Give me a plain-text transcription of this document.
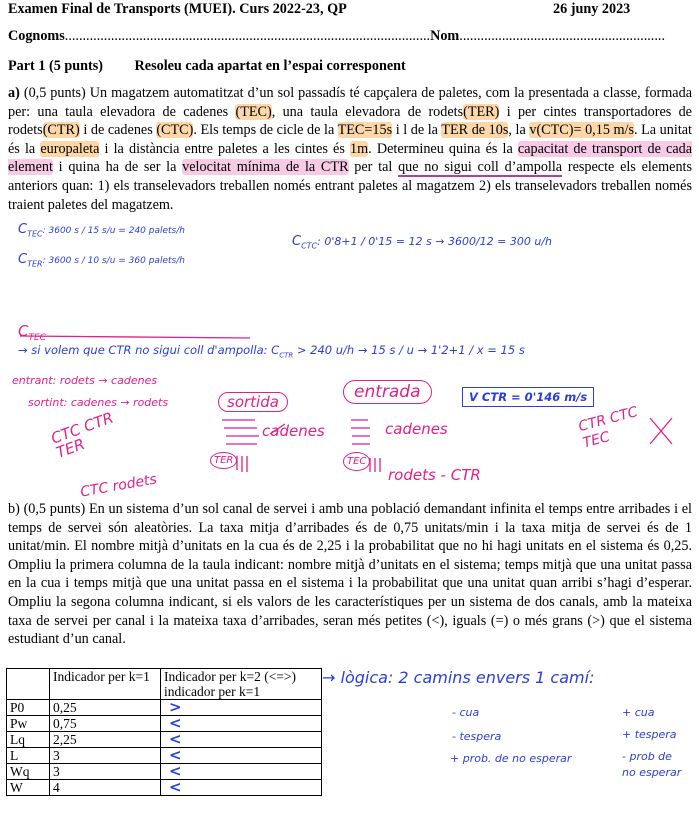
Examen Final de Transports (MUEI). Curs 2022-23, QP	26 juny 2023
Cognoms.......................................................................................................Nom..........................................................
Part 1 (5 punts) Resoleu cada apartat en l’espai corresponent
a) (0,5 punts) Un magatzem automatitzat d’un sol passadís té capçalera de paletes, com la presentada a classe, formada per: una taula elevadora de cadenes (TEC), una taula elevadora de rodets(TER) i per cintes transportadores de rodets(CTR) i de cadenes (CTC). Els temps de cicle de la TEC=15s i l de la TER de 10s, la v(CTC)= 0,15 m/s. La unitat és la europaleta i la distància entre paletes a les cintes és 1m. Determineu quina és la capacitat de transport de cada element i quina ha de ser la velocitat mínima de la CTR per tal que no sigui coll d’ampolla respecte els elements anteriors quan: 1) els transelevadors treballen només entrant paletes al magatzem 2) els transelevadors treballen només traient paletes del magatzem.
$C_{TEC}$: 3600 s / 15 s/u = 240 palets/h
$C_{TER}$: 3600 s / 10 s/u = 360 palets/h
$C_{CTC}$: 0'8+1 / 0'15 = 12 s → 3600/12 = 300 u/h
$C_{TEC}$
→ si volem que CTR no sigui coll d'ampolla: $C_{CTR} > 240$ u/h → 15 s / u → 1'2+1 / x = 15 s
entrant: rodets → cadenes
sortint: cadenes → rodets	sortida	entrada	V CTR = 0'146 m/s
CTC CTR TER
cadenes
CTC rodets
TER
cadenes
TEC
rodets - CTR
CTR CTC TEC
b) (0,5 punts) En un sistema d’un sol canal de servei i amb una població demandant infinita el temps entre arribades i el temps de servei són aleatòries. La taxa mitja d’arribades és de 0,75 unitats/min i la taxa mitja de servei és de 1 unitat/min. El nombre mitjà d’unitats en la cua és de 2,25 i la probabilitat que no hi hagi unitats en el sistema és 0,25. Ompliu la primera columna de la taula indicant: nombre mitjà d’unitats en el sistema; temps mitjà que una unitat passa en la cua i temps mitjà que una unitat passa en el sistema i la probabilitat que una unitat quan arribi s’hagi d’esperar. Ompliu la segona columna indicant, si els valors de les característiques per un sistema de dos canals, amb la mateixa taxa de servei per canal i la mateixa taxa d’arribades, seran més petites (<), iguals (=) o més grans (>) que el sistema estudiant d’un canal.
	Indicador per k=1	Indicador per k=2 (<=>)
indicador per k=1
P0	0,25	>
Pw	0,75	<
Lq	2,25	<
L	3	<
Wq	3	<
W	4	<
→ lògica: 2 camins envers 1 camí:
- cua
- tespera
+ prob. de no esperar
+ cua
+ tespera
- prob de
no esperar
